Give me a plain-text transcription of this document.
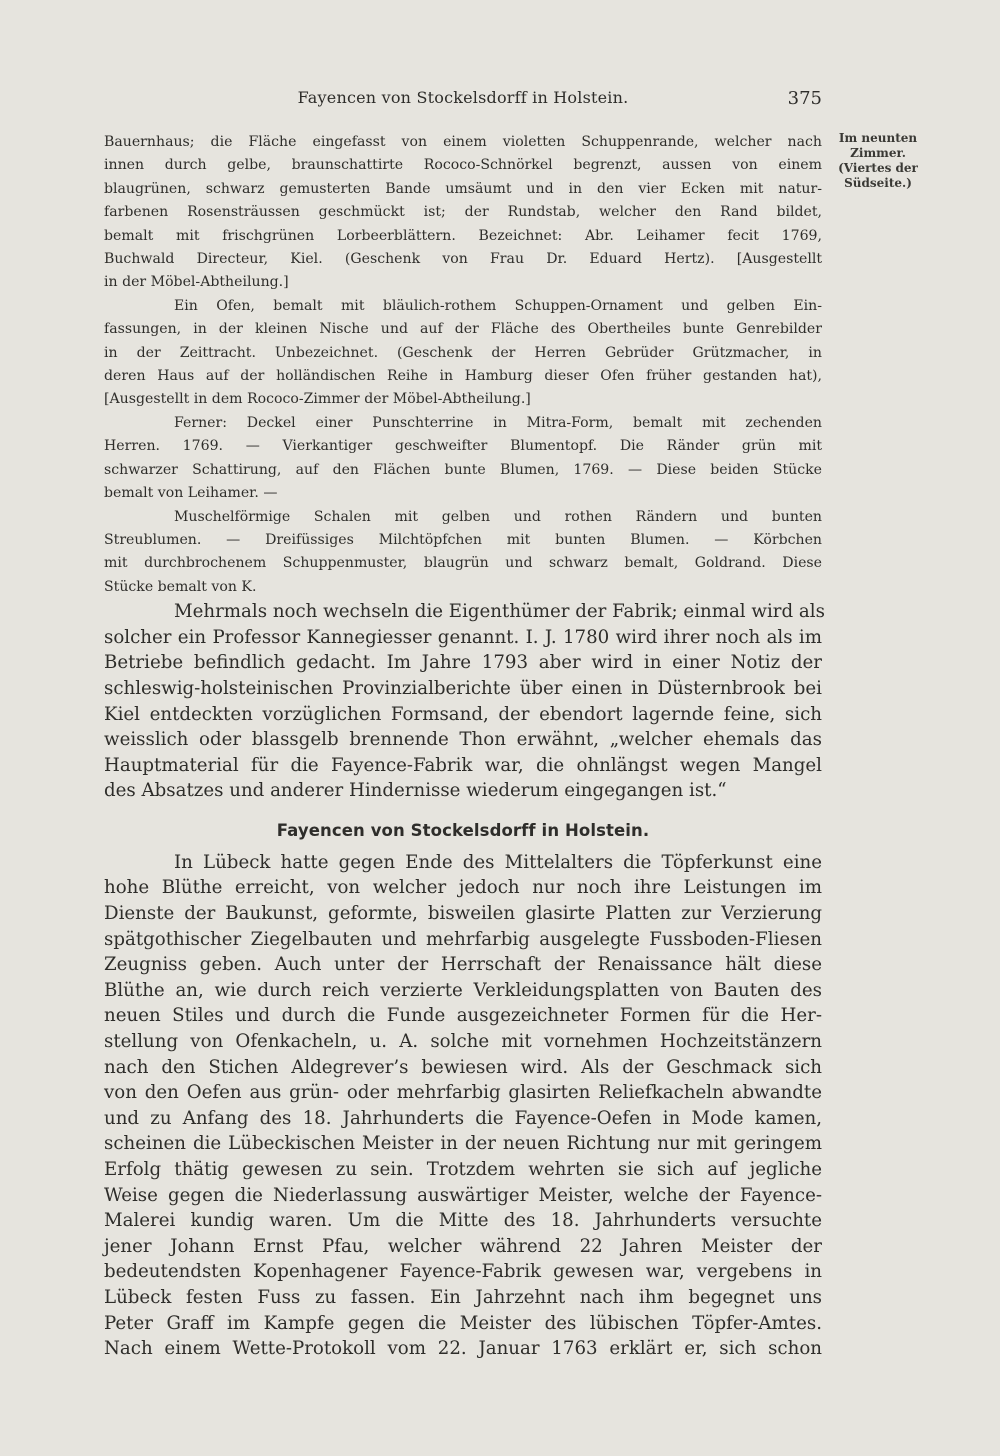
Fayencen von Stockelsdorff in Holstein.	375
Im neunten
Zimmer.
(Viertes der
Südseite.)
Bauernhaus; die Fläche eingefasst von einem violetten Schuppenrande, welcher nach
innen durch gelbe, braunschattirte Rococo-Schnörkel begrenzt, aussen von einem
blaugrünen, schwarz gemusterten Bande umsäumt und in den vier Ecken mit natur-
farbenen Rosensträussen geschmückt ist; der Rundstab, welcher den Rand bildet,
bemalt mit frischgrünen Lorbeerblättern. Bezeichnet: Abr. Leihamer fecit 1769,
Buchwald Directeur, Kiel. (Geschenk von Frau Dr. Eduard Hertz). [Ausgestellt
in der Möbel-Abtheilung.]
Ein Ofen, bemalt mit bläulich-rothem Schuppen-Ornament und gelben Ein-
fassungen, in der kleinen Nische und auf der Fläche des Obertheiles bunte Genrebilder
in der Zeittracht. Unbezeichnet. (Geschenk der Herren Gebrüder Grützmacher, in
deren Haus auf der holländischen Reihe in Hamburg dieser Ofen früher gestanden hat),
[Ausgestellt in dem Rococo-Zimmer der Möbel-Abtheilung.]
Ferner: Deckel einer Punschterrine in Mitra-Form, bemalt mit zechenden
Herren. 1769. — Vierkantiger geschweifter Blumentopf. Die Ränder grün mit
schwarzer Schattirung, auf den Flächen bunte Blumen, 1769. — Diese beiden Stücke
bemalt von Leihamer. —
Muschelförmige Schalen mit gelben und rothen Rändern und bunten
Streublumen. — Dreifüssiges Milchtöpfchen mit bunten Blumen. — Körbchen
mit durchbrochenem Schuppenmuster, blaugrün und schwarz bemalt, Goldrand. Diese
Stücke bemalt von K.
Mehrmals noch wechseln die Eigenthümer der Fabrik; einmal wird als
solcher ein Professor Kannegiesser genannt. I. J. 1780 wird ihrer noch als im
Betriebe befindlich gedacht. Im Jahre 1793 aber wird in einer Notiz der
schleswig-holsteinischen Provinzialberichte über einen in Düsternbrook bei
Kiel entdeckten vorzüglichen Formsand, der ebendort lagernde feine, sich
weisslich oder blassgelb brennende Thon erwähnt, „welcher ehemals das
Hauptmaterial für die Fayence-Fabrik war, die ohnlängst wegen Mangel
des Absatzes und anderer Hindernisse wiederum eingegangen ist.“
Fayencen von Stockelsdorff in Holstein.
In Lübeck hatte gegen Ende des Mittelalters die Töpferkunst eine
hohe Blüthe erreicht, von welcher jedoch nur noch ihre Leistungen im
Dienste der Baukunst, geformte, bisweilen glasirte Platten zur Verzierung
spätgothischer Ziegelbauten und mehrfarbig ausgelegte Fussboden-Fliesen
Zeugniss geben. Auch unter der Herrschaft der Renaissance hält diese
Blüthe an, wie durch reich verzierte Verkleidungsplatten von Bauten des
neuen Stiles und durch die Funde ausgezeichneter Formen für die Her-
stellung von Ofenkacheln, u. A. solche mit vornehmen Hochzeitstänzern
nach den Stichen Aldegrever’s bewiesen wird. Als der Geschmack sich
von den Oefen aus grün- oder mehrfarbig glasirten Reliefkacheln abwandte
und zu Anfang des 18. Jahrhunderts die Fayence-Oefen in Mode kamen,
scheinen die Lübeckischen Meister in der neuen Richtung nur mit geringem
Erfolg thätig gewesen zu sein. Trotzdem wehrten sie sich auf jegliche
Weise gegen die Niederlassung auswärtiger Meister, welche der Fayence-
Malerei kundig waren. Um die Mitte des 18. Jahrhunderts versuchte
jener Johann Ernst Pfau, welcher während 22 Jahren Meister der
bedeutendsten Kopenhagener Fayence-Fabrik gewesen war, vergebens in
Lübeck festen Fuss zu fassen. Ein Jahrzehnt nach ihm begegnet uns
Peter Graff im Kampfe gegen die Meister des lübischen Töpfer-Amtes.
Nach einem Wette-Protokoll vom 22. Januar 1763 erklärt er, sich schon
